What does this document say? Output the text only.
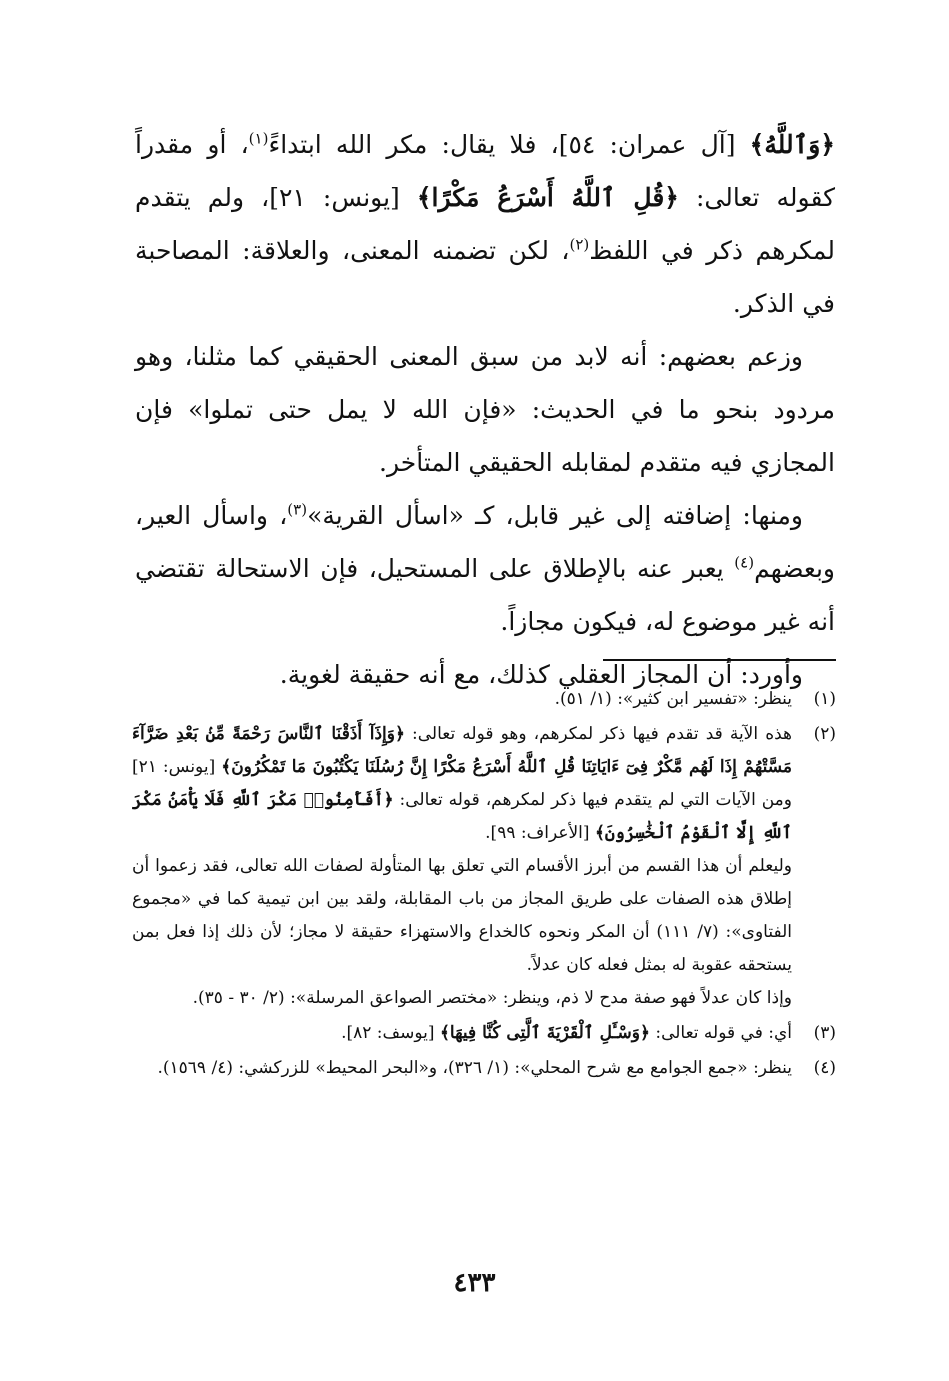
﴿وَٱللَّهُ﴾ [آل عمران: ٥٤]، فلا يقال: مكر الله ابتداءً$^{(١)}$، أو مقدراً كقوله تعالى: ﴿قُلِ ٱللَّهُ أَسْرَعُ مَكْرًا﴾ [يونس: ٢١]، ولم يتقدم لمكرهم ذكر في اللفظ$^{(٢)}$، لكن تضمنه المعنى، والعلاقة: المصاحبة في الذكر.

وزعم بعضهم: أنه لابد من سبق المعنى الحقيقي كما مثلنا، وهو مردود بنحو ما في الحديث: «فإن الله لا يمل حتى تملوا» فإن المجازي فيه متقدم لمقابله الحقيقي المتأخر.

ومنها: إضافته إلى غير قابل، كـ «اسأل القرية»$^{(٣)}$، واسأل العير، وبعضهم$^{(٤)}$ يعبر عنه بالإطلاق على المستحيل، فإن الاستحالة تقتضي أنه غير موضوع له، فيكون مجازاً.

وأورد: أن المجاز العقلي كذلك، مع أنه حقيقة لغوية.

(١)
ينظر: «تفسير ابن كثير»: (١/ ٥١).
(٢)

هذه الآية قد تقدم فيها ذكر لمكرهم، وهو قوله تعالى: ﴿وَإِذَآ أَذَقْنَا ٱلنَّاسَ رَحْمَةً مِّنۢ بَعْدِ ضَرَّآءَ مَسَّتْهُمْ إِذَا لَهُم مَّكْرٌ فِىٓ ءَايَاتِنَا قُلِ ٱللَّهُ أَسْرَعُ مَكْرًا إِنَّ رُسُلَنَا يَكْتُبُونَ مَا تَمْكُرُونَ﴾ [يونس: ٢١] ومن الآيات التي لم يتقدم فيها ذكر لمكرهم، قوله تعالى: ﴿أَفَأَمِنُوا۟ مَكْرَ ٱللَّهِ فَلَا يَأْمَنُ مَكْرَ ٱللَّهِ إِلَّا ٱلْقَوْمُ ٱلْخَٰسِرُونَ﴾ [الأعراف: ٩٩].

وليعلم أن هذا القسم من أبرز الأقسام التي تعلق بها المتأولة لصفات الله تعالى، فقد زعموا أن إطلاق هذه الصفات على طريق المجاز من باب المقابلة، ولقد بين ابن تيمية كما في «مجموع الفتاوى»: (٧/ ١١١) أن المكر ونحوه كالخداع والاستهزاء حقيقة لا مجاز؛ لأن ذلك إذا فعل بمن يستحقه عقوبة له بمثل فعله كان عدلاً.

وإذا كان عدلاً فهو صفة مدح لا ذم، وينظر: «مختصر الصواعق المرسلة»: (٢/ ٣٠ - ٣٥).

(٣)
أي: في قوله تعالى: ﴿وَسْـَٔلِ ٱلْقَرْيَةَ ٱلَّتِى كُنَّا فِيهَا﴾ [يوسف: ٨٢].
(٤)
ينظر: «جمع الجوامع مع شرح المحلي»: (١/ ٣٢٦)، و«البحر المحيط» للزركشي: (٤/ ١٥٦٩).
٤٣٣
